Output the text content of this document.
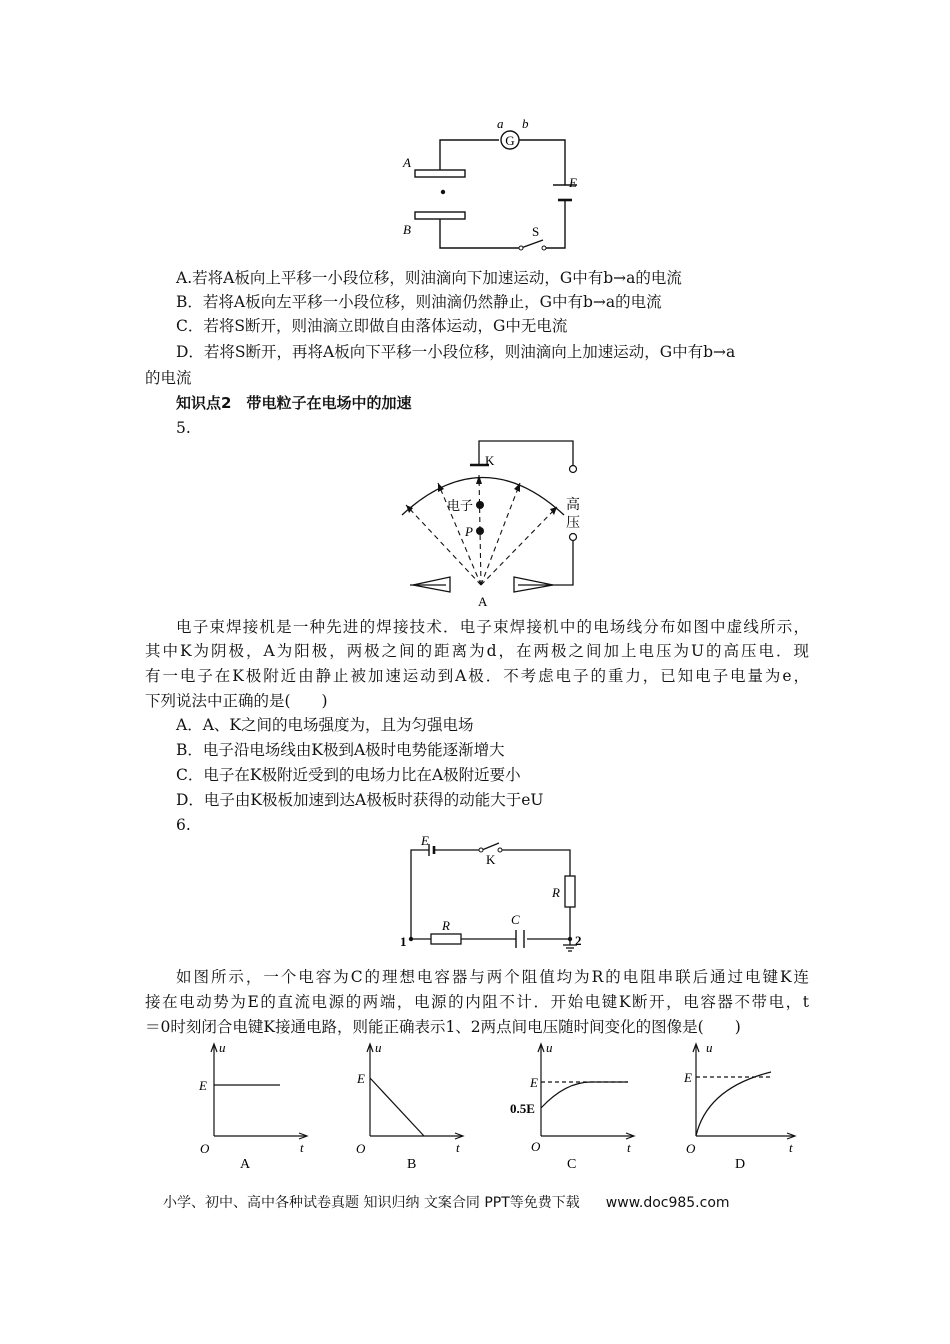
G
a b
A
B
E
S
A.若将A板向上平移一小段位移，则油滴向下加速运动，G中有b→a的电流
B．若将A板向左平移一小段位移，则油滴仍然静止，G中有b→a的电流
C．若将S断开，则油滴立即做自由落体运动，G中无电流
D．若将S断开，再将A板向下平移一小段位移，则油滴向上加速运动，G中有b→a
的电流
知识点2　带电粒子在电场中的加速
5.
K
电子
P
高
压
A
电子束焊接机是一种先进的焊接技术．电子束焊接机中的电场线分布如图中虚线所示，
其中K为阴极，A为阳极，两极之间的距离为d，在两极之间加上电压为U的高压电．现
有一电子在K极附近由静止被加速运动到A极．不考虑电子的重力，已知电子电量为e，
下列说法中正确的是(　　)
A．A、K之间的电场强度为，且为匀强电场
B．电子沿电场线由K极到A极时电势能逐渐增大
C．电子在K极附近受到的电场力比在A极附近要小
D．电子由K极板加速到达A极板时获得的动能大于eU
6.
E
K
R
R	C
1	2
如图所示，一个电容为C的理想电容器与两个阻值均为R的电阻串联后通过电键K连
接在电动势为E的直流电源的两端，电源的内阻不计．开始电键K断开，电容器不带电，t
＝0时刻闭合电键K接通电路，则能正确表示1、2两点间电压随时间变化的图像是(　　)
u
t
O
E
A
u
t
O
E
B
u
t
O
E
0.5E
C
u
t
O
E
D
小学、初中、高中各种试卷真题 知识归纳 文案合同 PPT等免费下载 www.doc985.com
